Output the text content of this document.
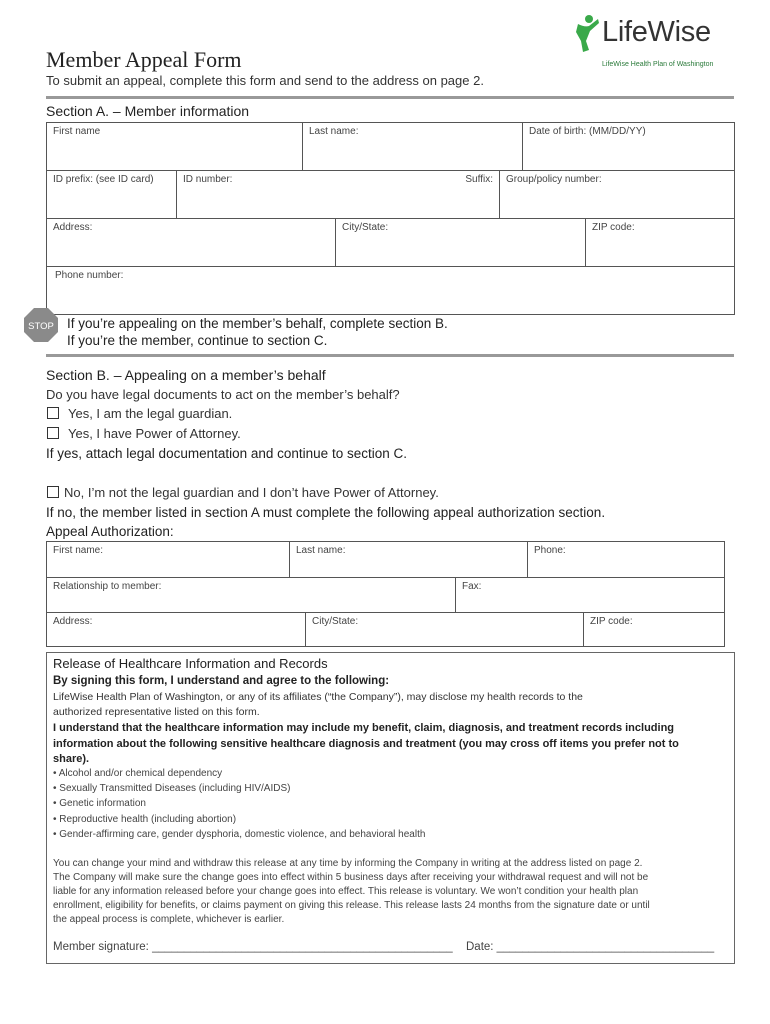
Member Appeal Form
To submit an appeal, complete this form and send to the address on page 2.
LifeWise
LifeWise Health Plan of Washington
Section A. – Member information
First name	Last name:	Date of birth: (MM/DD/YY)
ID prefix: (see ID card)	ID number:	Suffix:	Group/policy number:
Address:	City/State:	ZIP code:
Phone number:
STOP If you’re appealing on the member’s behalf, complete section B.
If you’re the member, continue to section C.
Section B. – Appealing on a member’s behalf
Do you have legal documents to act on the member’s behalf?
Yes, I am the legal guardian.
Yes, I have Power of Attorney.
If yes, attach legal documentation and continue to section C.
No, I’m not the legal guardian and I don’t have Power of Attorney.
If no, the member listed in section A must complete the following appeal authorization section.
Appeal Authorization:
First name:	Last name:	Phone:
Relationship to member:	Fax:
Address:	City/State:	ZIP code:
Release of Healthcare Information and Records
By signing this form, I understand and agree to the following:
LifeWise Health Plan of Washington, or any of its affiliates (“the Company”), may disclose my health records to the
authorized representative listed on this form.
I understand that the healthcare information may include my benefit, claim, diagnosis, and treatment records including
information about the following sensitive healthcare diagnosis and treatment (you may cross off items you prefer not to
share).
• Alcohol and/or chemical dependency
• Sexually Transmitted Diseases (including HIV/AIDS)
• Genetic information
• Reproductive health (including abortion)
• Gender-affirming care, gender dysphoria, domestic violence, and behavioral health
You can change your mind and withdraw this release at any time by informing the Company in writing at the address listed on page 2.
The Company will make sure the change goes into effect within 5 business days after receiving your withdrawal request and will not be
liable for any information released before your change goes into effect. This release is voluntary. We won’t condition your health plan
enrollment, eligibility for benefits, or claims payment on giving this release. This release lasts 24 months from the signature date or until
the appeal process is complete, whichever is earlier.
Member signature: _______________________________________________ Date: __________________________________
